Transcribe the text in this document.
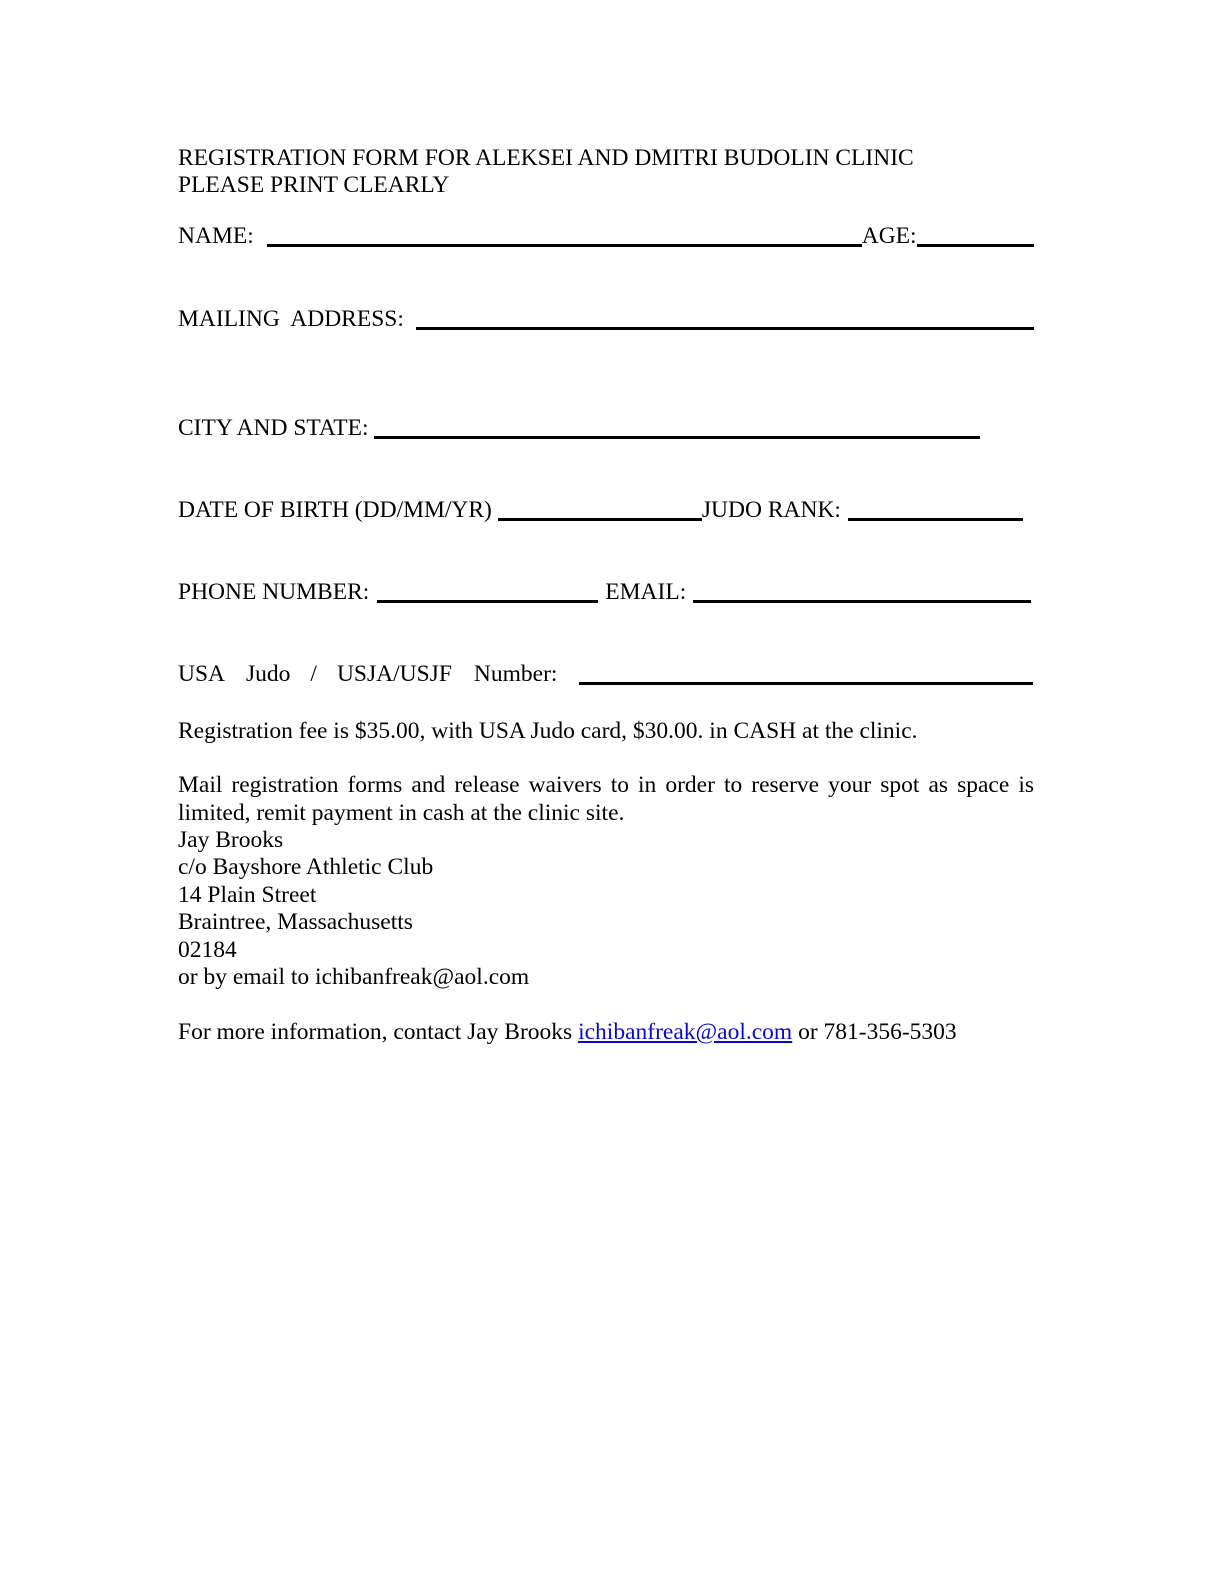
REGISTRATION FORM FOR ALEKSEI AND DMITRI BUDOLIN CLINIC
PLEASE PRINT CLEARLY
NAME:	AGE:
MAILING  ADDRESS:
CITY AND STATE:
DATE OF BIRTH (DD/MM/YR)	JUDO RANK:
PHONE NUMBER:	EMAIL:
USA Judo / USJA/USJF Number:
Registration fee is $35.00, with USA Judo card, $30.00. in CASH at the clinic.
Mail registration forms and release waivers to in order to reserve your spot as space is limited, remit payment in cash at the clinic site.
Jay Brooks
c/o Bayshore Athletic Club
14 Plain Street
Braintree, Massachusetts
02184
or by email to ichibanfreak@aol.com
For more information, contact Jay Brooks ichibanfreak@aol.com or 781-356-5303
